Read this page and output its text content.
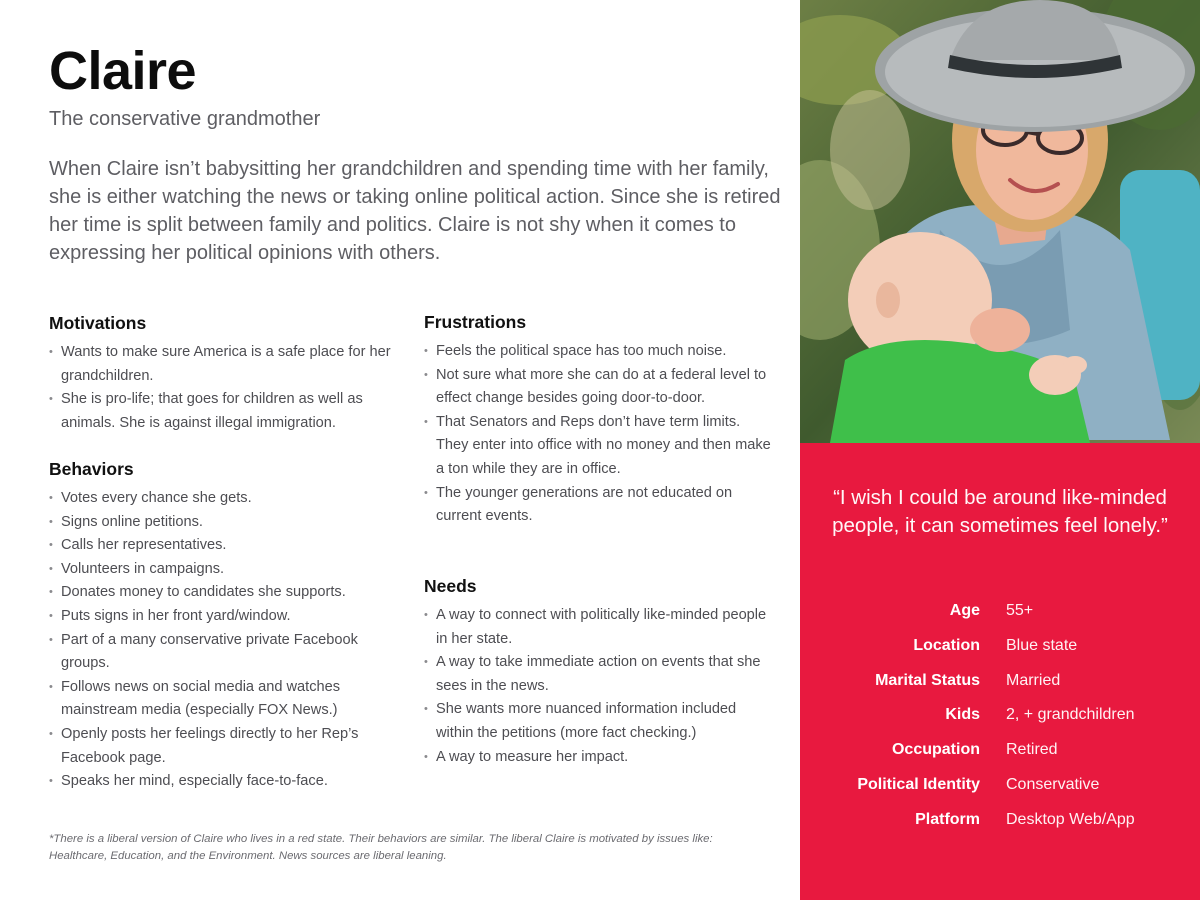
Claire

The conservative grandmother

When Claire isn’t babysitting her grandchildren and spending time with her family, she is either watching the news or taking online political action. Since she is retired her time is split between family and politics. Claire is not shy when it comes to expressing her political opinions with others.

Motivations
• Wants to make sure America is a safe place for her grandchildren.
• She is pro-life; that goes for children as well as animals. She is against illegal immigration.
Behaviors
• Votes every chance she gets.
• Signs online petitions.
• Calls her representatives.
• Volunteers in campaigns.
• Donates money to candidates she supports.
• Puts signs in her front yard/window.
• Part of a many conservative private Facebook groups.
• Follows news on social media and watches mainstream media (especially FOX News.)
• Openly posts her feelings directly to her Rep’s Facebook page.
• Speaks her mind, especially face-to-face.
Frustrations
• Feels the political space has too much noise.
• Not sure what more she can do at a federal level to effect change besides going door-to-door.
• That Senators and Reps don’t have term limits. They enter into office with no money and then make a ton while they are in office.
• The younger generations are not educated on current events.
Needs
• A way to connect with politically like-minded people in her state.
• A way to take immediate action on events that she sees in the news.
• She wants more nuanced information included within the petitions (more fact checking.)
• A way to measure her impact.

*There is a liberal version of Claire who lives in a red state. Their behaviors are similar. The liberal Claire is motivated by issues like: Healthcare, Education, and the Environment. News sources are liberal leaning.

“I wish I could be around like-minded people, it can sometimes feel lonely.”

Age 55+
Location Blue state
Marital Status Married
Kids 2, + grandchildren
Occupation Retired
Political Identity Conservative
Platform Desktop Web/App
